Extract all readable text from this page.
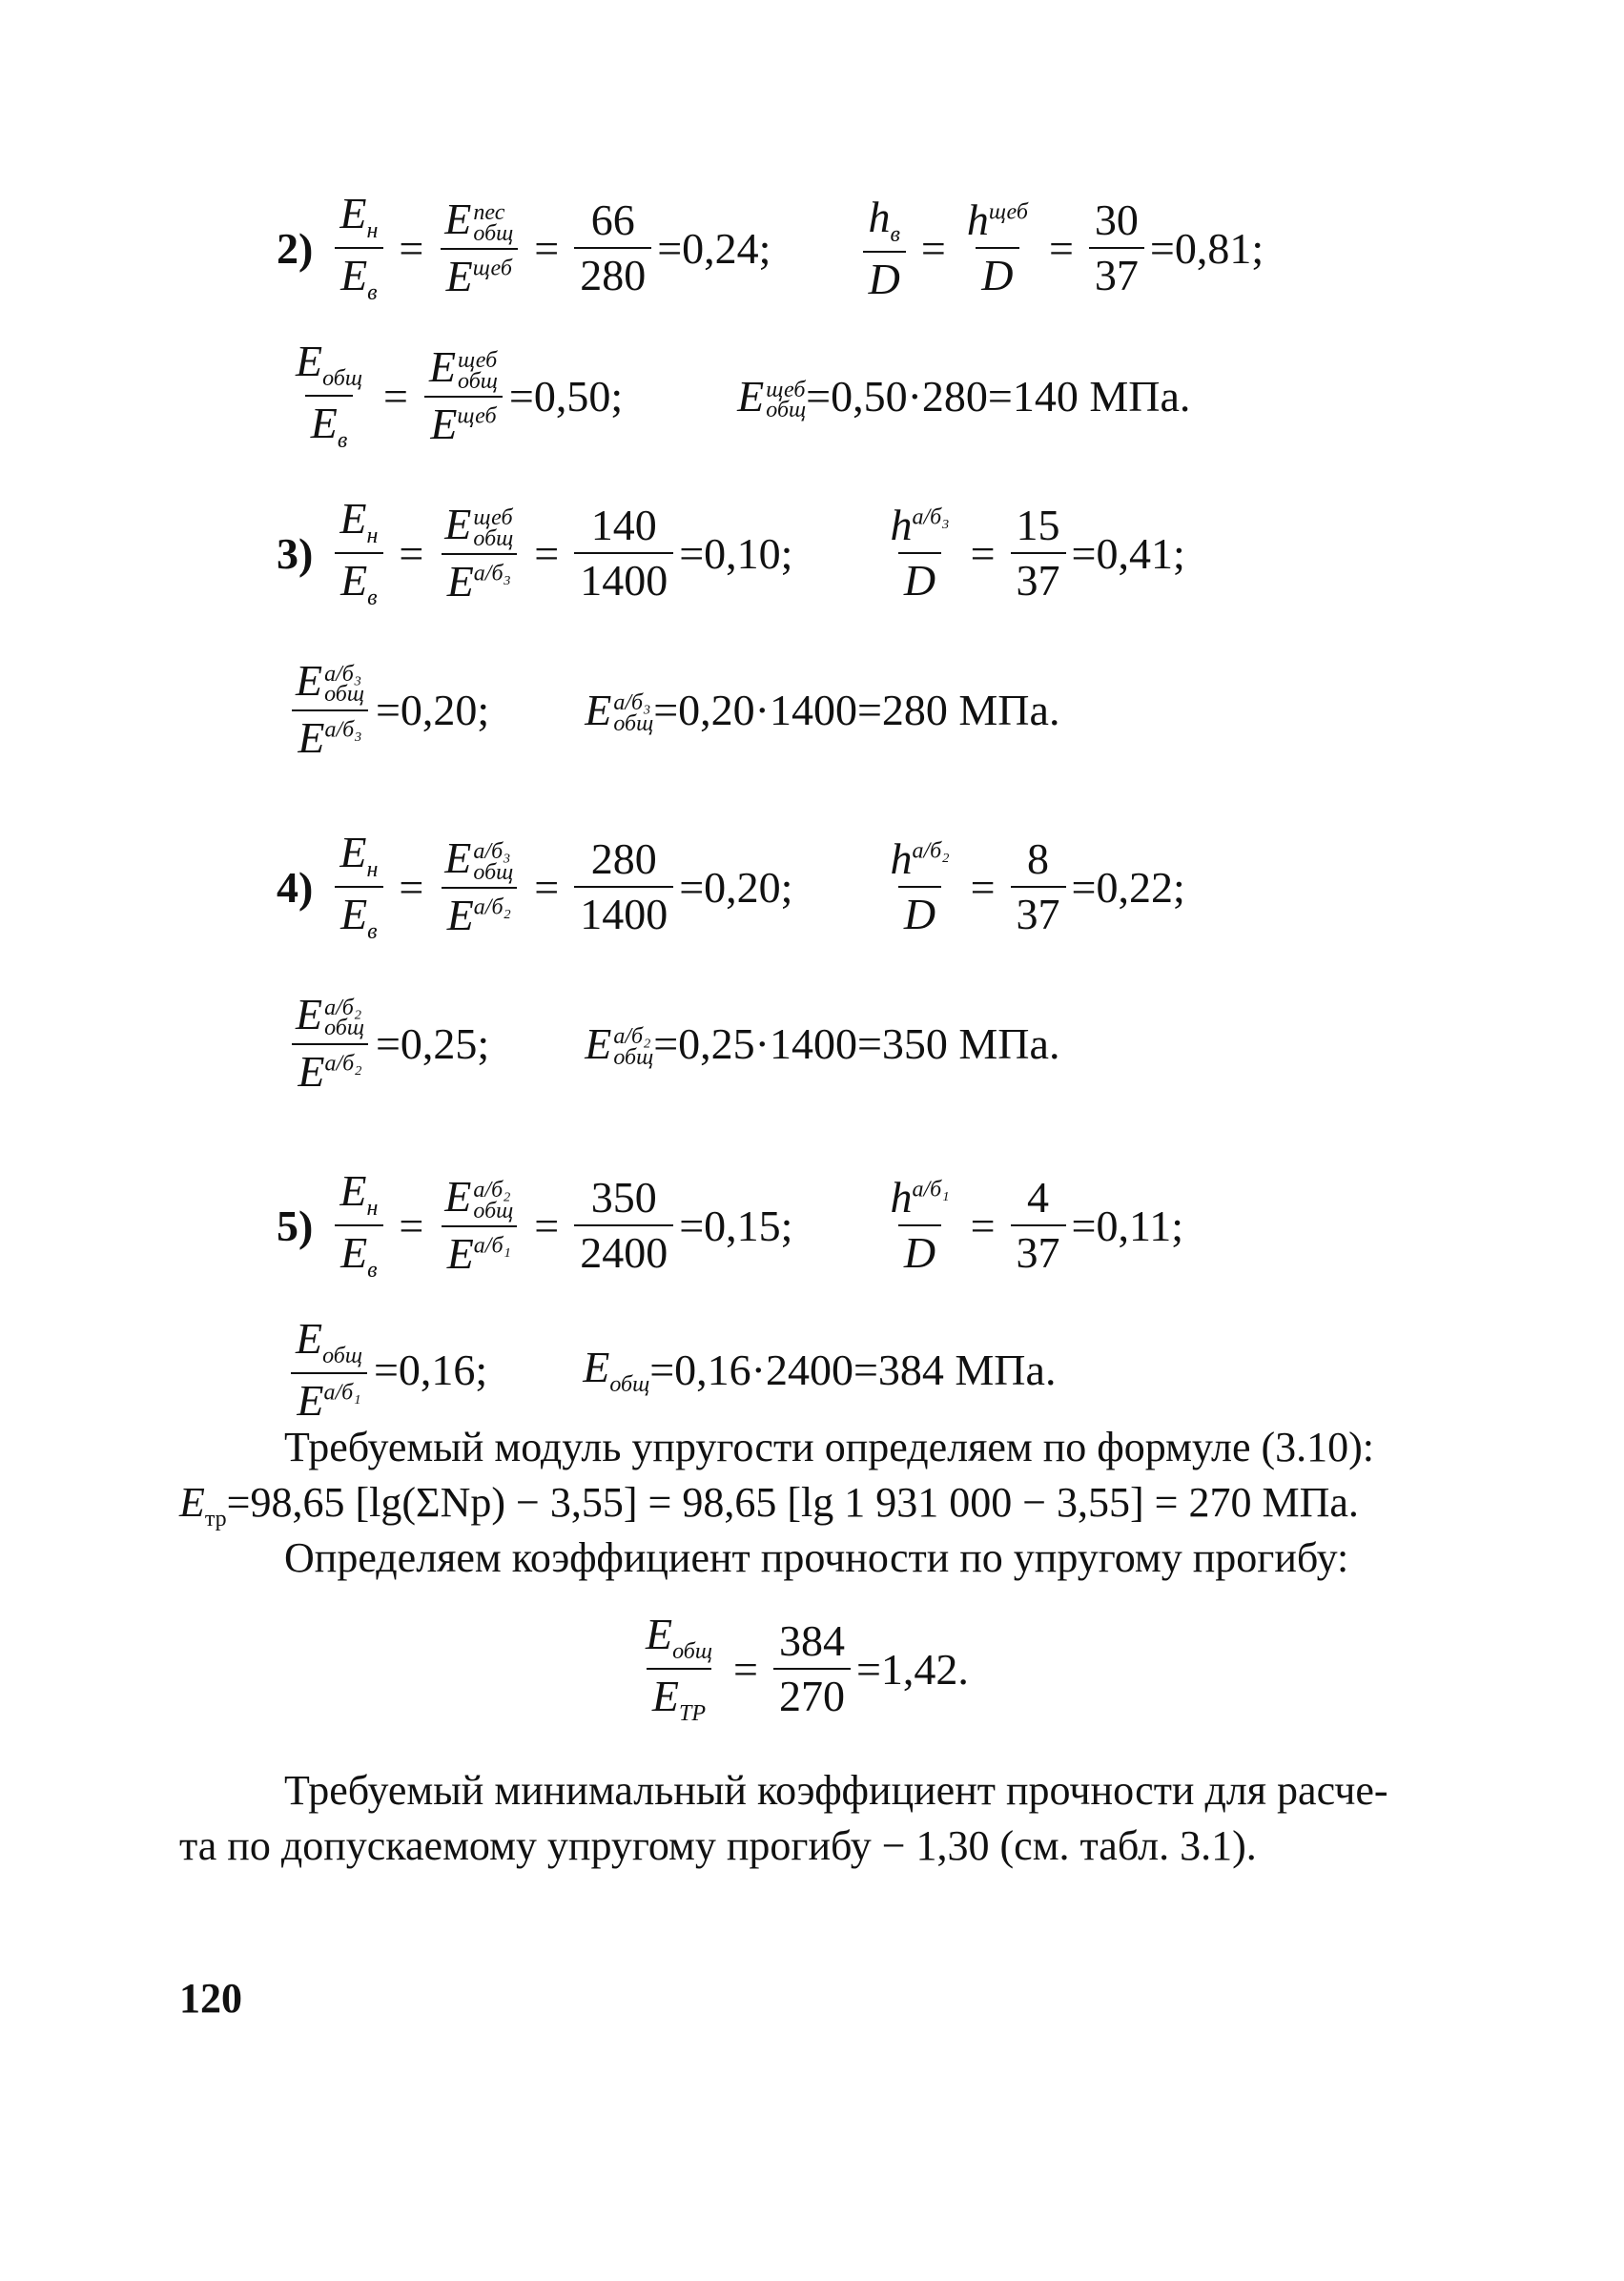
$2) \frac{E_н}{E_в} = E$ пес
общ
$E^{щеб} = \frac{66}{280} =0,24$; $\frac{h_в}{D} = \frac{h^{щеб}}{D} = \frac{30}{37} =0,81$;
$\frac{E_{общ}}{E_в} = E$ щеб
общ
$E^{щеб} =0,50$;	E щеб
общ =0,50·280=140 МПа.
$3) \frac{E_н}{E_в} = E$ щеб
общ
$E^{а/б_3} = \frac{140}{1400} =0,10$; $\frac{h^{а/б_3}}{D} = \frac{15}{37} =0,41$;
E а/б₃
общ
$E^{а/б_3} =0,20$; E а/б₃
общ =0,20·1400=280 МПа.
$4) \frac{E_н}{E_в} = E$ а/б₃
общ
$E^{а/б_2} = \frac{280}{1400} =0,20$; $\frac{h^{а/б_2}}{D} = \frac{8}{37} =0,22$;
E а/б₂
общ
$E^{а/б_2} =0,25$; E а/б₂
общ =0,25·1400=350 МПа.
$5) \frac{E_н}{E_в} = E$ а/б₂
общ
$E^{а/б_1} = \frac{350}{2400} =0,15$; $\frac{h^{а/б_1}}{D} = \frac{4}{37} =0,11$;
$\frac{E_{общ}}{E^{а/б_1}} =0,16$; $E_{общ} =0,16\cdot 2400=384$ МПа.
Требуемый модуль упругости определяем по формуле (3.10):
$E_{тр}=98,65$ [lg(ΣNр) − 3,55] = 98,65 [lg 1 931 000 − 3,55] = 270 МПа.
Определяем коэффициент прочности по упругому прогибу:
$\frac{E_{общ}}{E_{ТР}} = \frac{384}{270} =1,42$.
Требуемый минимальный коэффициент прочности для расче-
та по допускаемому упругому прогибу − 1,30 (см. табл. 3.1).
120
